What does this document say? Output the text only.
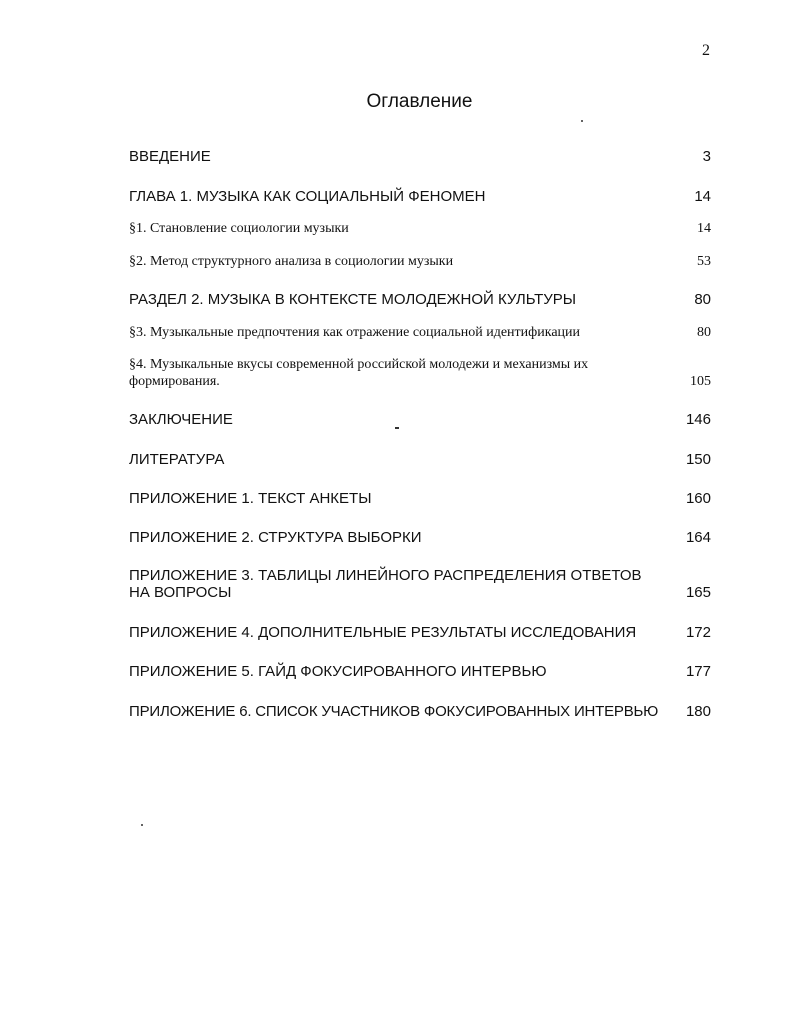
2
Оглавление
ВВЕДЕНИЕ	3
ГЛАВА 1. МУЗЫКА КАК СОЦИАЛЬНЫЙ ФЕНОМЕН	14
§1. Становление социологии музыки	14
§2. Метод структурного анализа в социологии музыки	53
РАЗДЕЛ 2. МУЗЫКА В КОНТЕКСТЕ МОЛОДЕЖНОЙ КУЛЬТУРЫ	80
§3. Музыкальные предпочтения как отражение социальной идентификации	80
§4. Музыкальные вкусы современной российской молодежи и механизмы их формирования.	105
ЗАКЛЮЧЕНИЕ	146
ЛИТЕРАТУРА	150
ПРИЛОЖЕНИЕ 1. ТЕКСТ АНКЕТЫ	160
ПРИЛОЖЕНИЕ 2. СТРУКТУРА ВЫБОРКИ	164
ПРИЛОЖЕНИЕ 3. ТАБЛИЦЫ ЛИНЕЙНОГО РАСПРЕДЕЛЕНИЯ ОТВЕТОВ НА ВОПРОСЫ	165
ПРИЛОЖЕНИЕ 4. ДОПОЛНИТЕЛЬНЫЕ РЕЗУЛЬТАТЫ ИССЛЕДОВАНИЯ	172
ПРИЛОЖЕНИЕ 5. ГАЙД ФОКУСИРОВАННОГО ИНТЕРВЬЮ	177
ПРИЛОЖЕНИЕ 6. СПИСОК УЧАСТНИКОВ ФОКУСИРОВАННЫХ ИНТЕРВЬЮ	180
